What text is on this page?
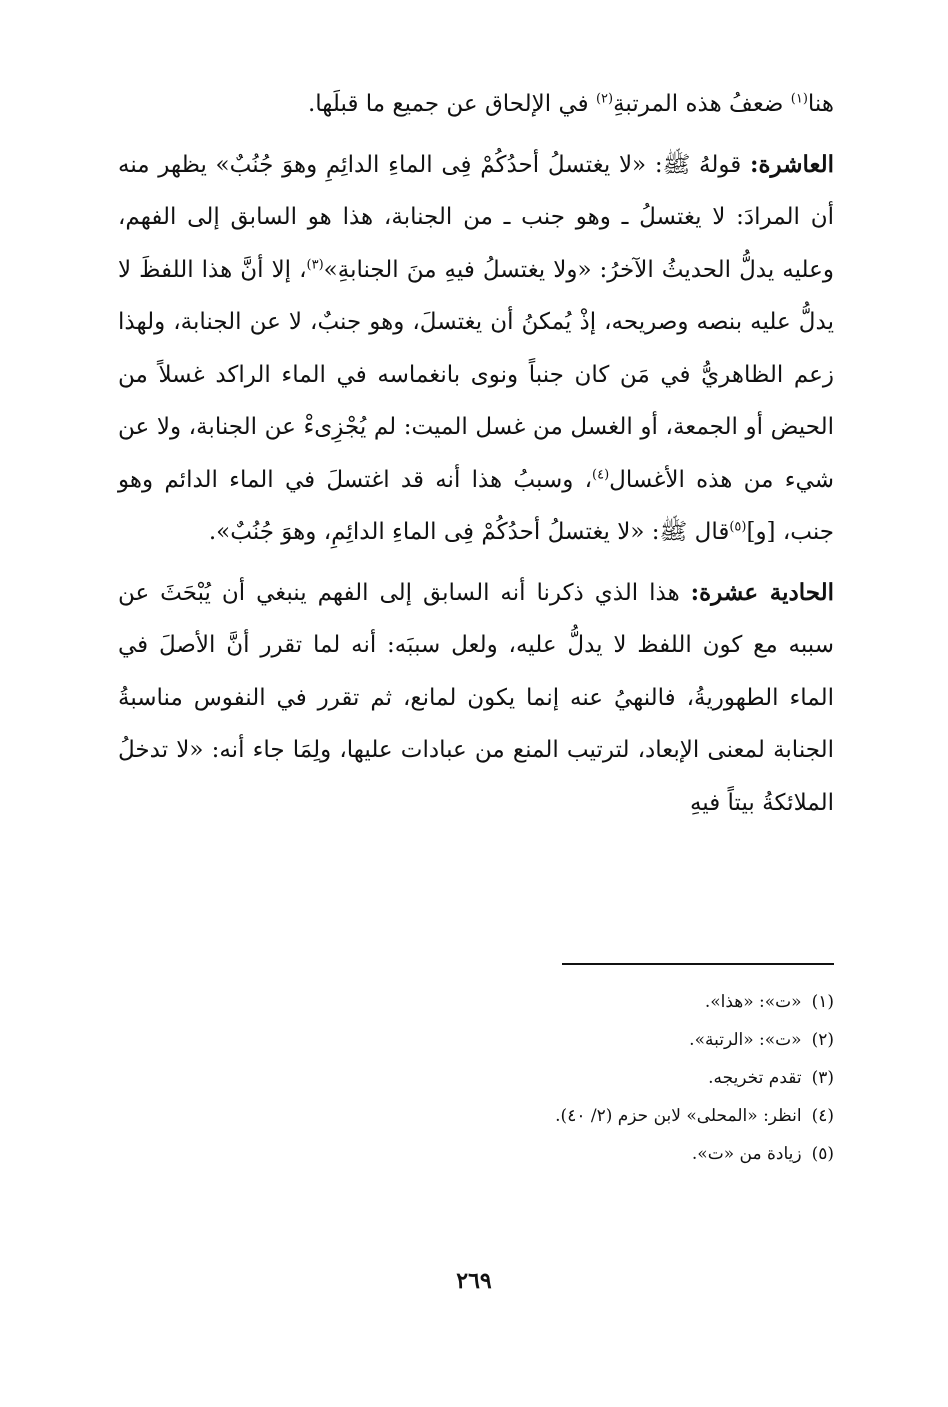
هنا$^{(١)}$ ضعفُ هذه المرتبةِ$^{(٢)}$ في الإلحاق عن جميع ما قبلَها.

العاشرة: قولهُ ﷺ: «لا يغتسلُ أحدُكُمْ فِى الماءِ الدائِمِ وهوَ جُنُبٌ» يظهر منه أن المرادَ: لا يغتسلُ ـ وهو جنب ـ من الجنابة، هذا هو السابق إلى الفهم، وعليه يدلُّ الحديثُ الآخرُ: «ولا يغتسلُ فيهِ منَ الجنابةِ»$^{(٣)}$، إلا أنَّ هذا اللفظَ لا يدلُّ عليه بنصه وصريحه، إذْ يُمكنُ أن يغتسلَ، وهو جنبٌ، لا عن الجنابة، ولهذا زعم الظاهريُّ في مَن كان جنباً ونوى بانغماسه في الماء الراكد غسلاً من الحيض أو الجمعة، أو الغسل من غسل الميت: لم يُجْزِىءْ عن الجنابة، ولا عن شيء من هذه الأغسال$^{(٤)}$، وسببُ هذا أنه قد اغتسلَ في الماء الدائم وهو جنب، [و]$^{(٥)}$قال ﷺ: «لا يغتسلُ أحدُكُمْ فِى الماءِ الدائِمِ، وهوَ جُنُبٌ».

الحادية عشرة: هذا الذي ذكرنا أنه السابق إلى الفهم ينبغي أن يُبْحَثَ عن سببه مع كون اللفظ لا يدلُّ عليه، ولعل سببَه: أنه لما تقرر أنَّ الأصلَ في الماء الطهوريةُ، فالنهيُ عنه إنما يكون لمانع، ثم تقرر في النفوس مناسبةُ الجنابة لمعنى الإبعاد، لترتيب المنع من عبادات عليها، ولِمَا جاء أنه: «لا تدخلُ الملائكةُ بيتاً فيهِ

(١)«ت»: «هذا».
(٢)«ت»: «الرتبة».
(٣)تقدم تخريجه.
(٤)انظر: «المحلى» لابن حزم (٢/ ٤٠).
(٥)زيادة من «ت».
٢٦٩
